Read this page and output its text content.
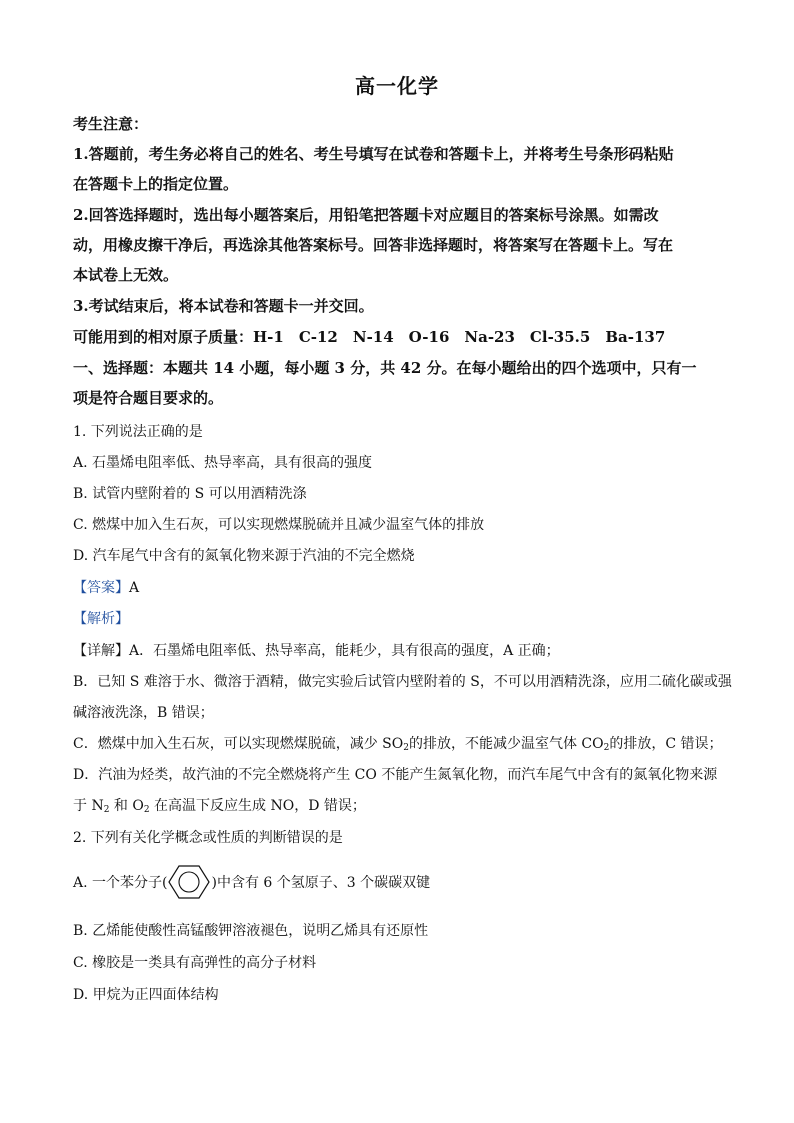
高一化学
考生注意：
1.答题前，考生务必将自己的姓名、考生号填写在试卷和答题卡上，并将考生号条形码粘贴
在答题卡上的指定位置。
2.回答选择题时，选出每小题答案后，用铅笔把答题卡对应题目的答案标号涂黑。如需改
动，用橡皮擦干净后，再选涂其他答案标号。回答非选择题时，将答案写在答题卡上。写在
本试卷上无效。
3.考试结束后，将本试卷和答题卡一并交回。
可能用到的相对原子质量：H-1　C-12　N-14　O-16　Na-23　Cl-35.5　Ba-137
一、选择题：本题共 14 小题，每小题 3 分，共 42 分。在每小题给出的四个选项中，只有一
项是符合题目要求的。
1. 下列说法正确的是
A. 石墨烯电阻率低、热导率高，具有很高的强度
B. 试管内壁附着的 S 可以用酒精洗涤
C. 燃煤中加入生石灰，可以实现燃煤脱硫并且减少温室气体的排放
D. 汽车尾气中含有的氮氧化物来源于汽油的不完全燃烧
【答案】A
【解析】
【详解】A．石墨烯电阻率低、热导率高，能耗少，具有很高的强度，A 正确；
B．已知 S 难溶于水、微溶于酒精，做完实验后试管内壁附着的 S，不可以用酒精洗涤，应用二硫化碳或强
碱溶液洗涤，B 错误；
C．燃煤中加入生石灰，可以实现燃煤脱硫，减少 $SO_2$的排放，不能减少温室气体 $CO_2$的排放，C 错误；
D．汽油为烃类，故汽油的不完全燃烧将产生 CO 不能产生氮氧化物，而汽车尾气中含有的氮氧化物来源
于 $N_2$ 和 $O_2$ 在高温下反应生成 NO，D 错误；
2. 下列有关化学概念或性质的判断错误的是
A. 一个苯分子(	)中含有 6 个氢原子、3 个碳碳双键
B. 乙烯能使酸性高锰酸钾溶液褪色，说明乙烯具有还原性
C. 橡胶是一类具有高弹性的高分子材料
D. 甲烷为正四面体结构
